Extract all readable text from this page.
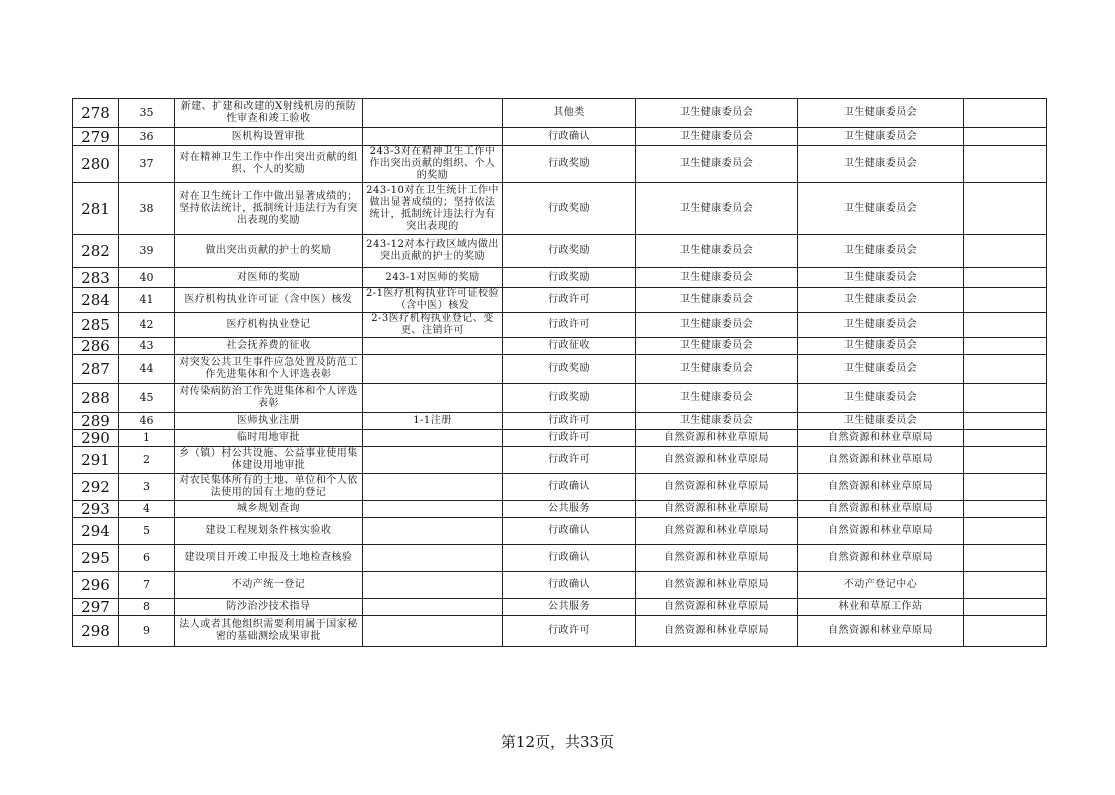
278	35	新建、扩建和改建的X射线机房的预防性审查和竣工验收		其他类	卫生健康委员会	卫生健康委员会	
279	36	医机构设置审批		行政确认	卫生健康委员会	卫生健康委员会	
280	37	对在精神卫生工作中作出突出贡献的组织、个人的奖励	243-3对在精神卫生工作中作出突出贡献的组织、个人的奖励	行政奖励	卫生健康委员会	卫生健康委员会	
281	38	对在卫生统计工作中做出显著成绩的；坚持依法统计，抵制统计违法行为有突出表现的奖励	243-10对在卫生统计工作中做出显著成绩的；坚持依法统计，抵制统计违法行为有突出表现的	行政奖励	卫生健康委员会	卫生健康委员会	
282	39	做出突出贡献的护士的奖励	243-12对本行政区域内做出突出贡献的护士的奖励	行政奖励	卫生健康委员会	卫生健康委员会	
283	40	对医师的奖励	243-1对医师的奖励	行政奖励	卫生健康委员会	卫生健康委员会	
284	41	医疗机构执业许可证（含中医）核发	2-1医疗机构执业许可证校验（含中医）核发	行政许可	卫生健康委员会	卫生健康委员会	
285	42	医疗机构执业登记	2-3医疗机构执业登记、变更、注销许可	行政许可	卫生健康委员会	卫生健康委员会	
286	43	社会抚养费的征收		行政征收	卫生健康委员会	卫生健康委员会	
287	44	对突发公共卫生事件应急处置及防范工作先进集体和个人评选表彰		行政奖励	卫生健康委员会	卫生健康委员会	
288	45	对传染病防治工作先进集体和个人评选表彰		行政奖励	卫生健康委员会	卫生健康委员会	
289	46	医师执业注册	1-1注册	行政许可	卫生健康委员会	卫生健康委员会	
290	1	临时用地审批		行政许可	自然资源和林业草原局	自然资源和林业草原局	
291	2	乡（镇）村公共设施、公益事业使用集体建设用地审批		行政许可	自然资源和林业草原局	自然资源和林业草原局	
292	3	对农民集体所有的土地、单位和个人依法使用的国有土地的登记		行政确认	自然资源和林业草原局	自然资源和林业草原局	
293	4	城乡规划查询		公共服务	自然资源和林业草原局	自然资源和林业草原局	
294	5	建设工程规划条件核实验收		行政确认	自然资源和林业草原局	自然资源和林业草原局	
295	6	建设项目开竣工申报及土地检查核验		行政确认	自然资源和林业草原局	自然资源和林业草原局	
296	7	不动产统一登记		行政确认	自然资源和林业草原局	不动产登记中心	
297	8	防沙治沙技术指导		公共服务	自然资源和林业草原局	林业和草原工作站	
298	9	法人或者其他组织需要利用属于国家秘密的基础测绘成果审批		行政许可	自然资源和林业草原局	自然资源和林业草原局	
第12页，共33页
